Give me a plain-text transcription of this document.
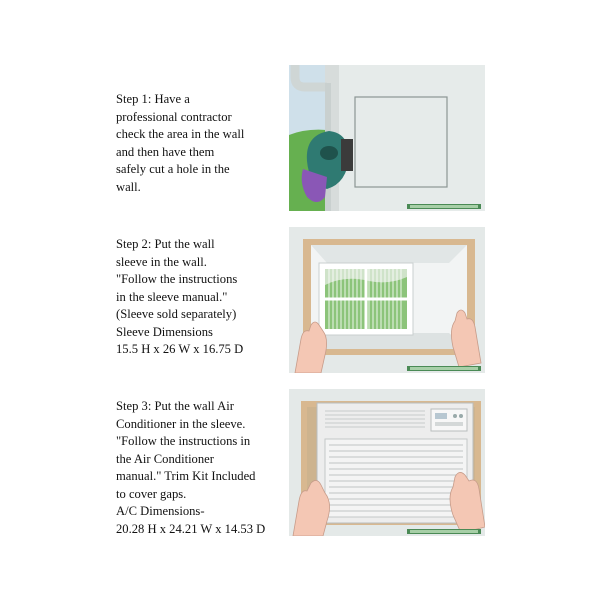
Step 1: Have a
professional contractor
check the area in the wall
and then have them
safely cut a hole in the
wall.
Step 2: Put the wall
sleeve in the wall.
"Follow the instructions
in the sleeve manual."
(Sleeve sold separately)
Sleeve Dimensions
15.5 H x 26 W x 16.75 D
Step 3: Put the wall Air
Conditioner in the sleeve.
"Follow the instructions in
the Air Conditioner
manual." Trim Kit Included
to cover gaps.
A/C Dimensions-
20.28 H x 24.21 W x 14.53 D
